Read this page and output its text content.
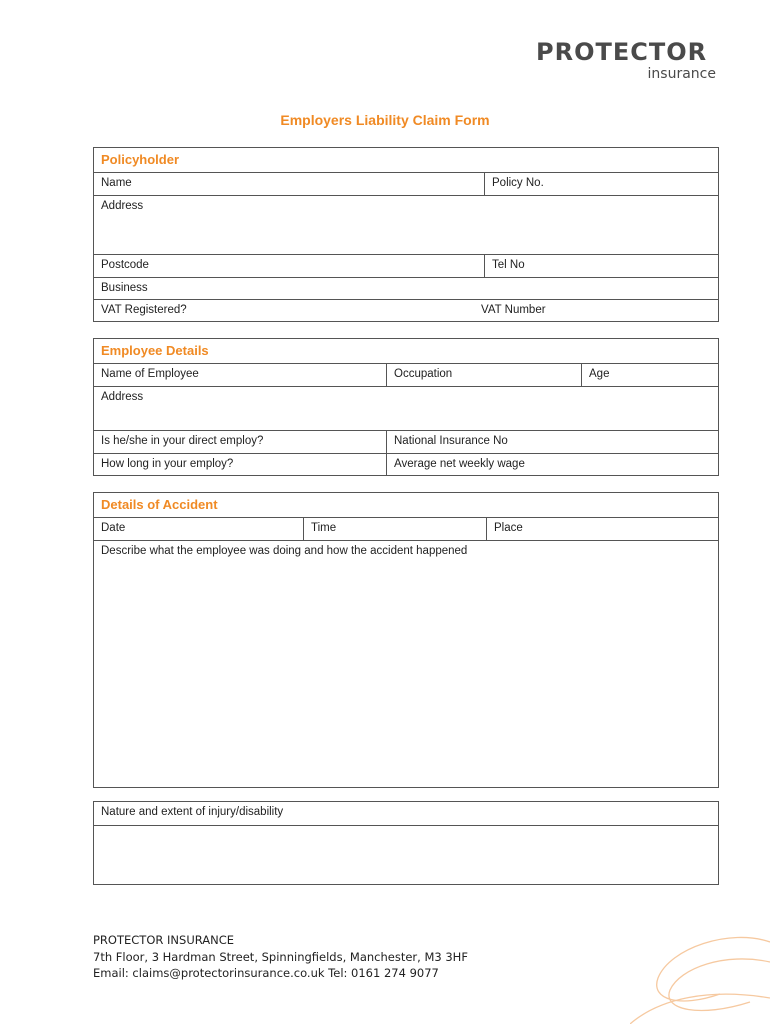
PROTECTOR
insurance
Employers Liability Claim Form
Policyholder
Name	Policy No.
Address
Postcode	Tel No
Business
VAT Registered?	VAT Number
Employee Details
Name of Employee	Occupation	Age
Address
Is he/she in your direct employ?	National Insurance No
How long in your employ?	Average net weekly wage
Details of Accident
Date	Time	Place
Describe what the employee was doing and how the accident happened
Nature and extent of injury/disability
PROTECTOR INSURANCE
7th Floor, 3 Hardman Street, Spinningfields, Manchester, M3 3HF
Email: claims@protectorinsurance.co.uk Tel: 0161 274 9077
